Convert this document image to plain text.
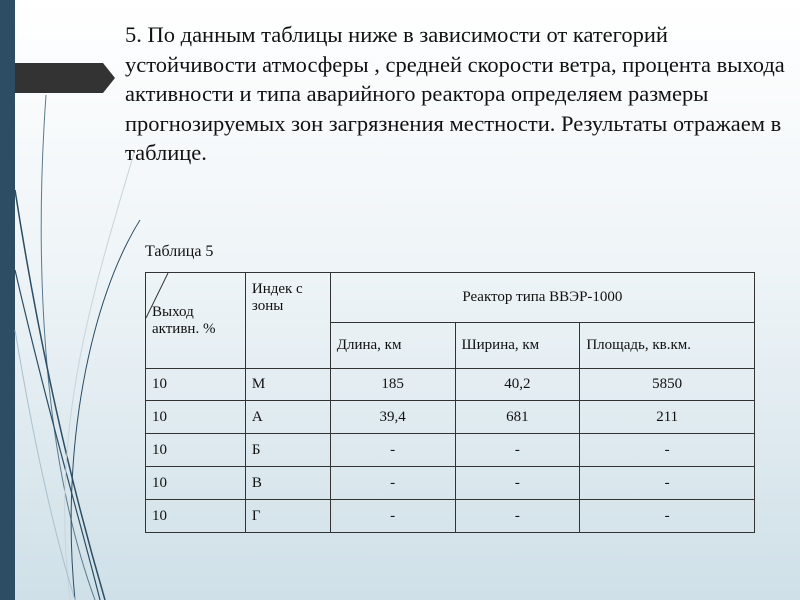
5. По данным таблицы ниже в зависимости от категорий устойчивости атмосферы , средней скорости ветра, процента выхода активности и типа аварийного реактора определяем размеры прогнозируемых зон загрязнения местности. Результаты отражаем в таблице.

Таблица 5
Выход активн. %	Индек с зоны	Реактор типа ВВЭР-1000		
		Длина, км	Ширина, км	Площадь, кв.км.
10	М	185	40,2	5850
10	А	39,4	681	211
10	Б	-	-	-
10	В	-	-	-
10	Г	-	-	-
